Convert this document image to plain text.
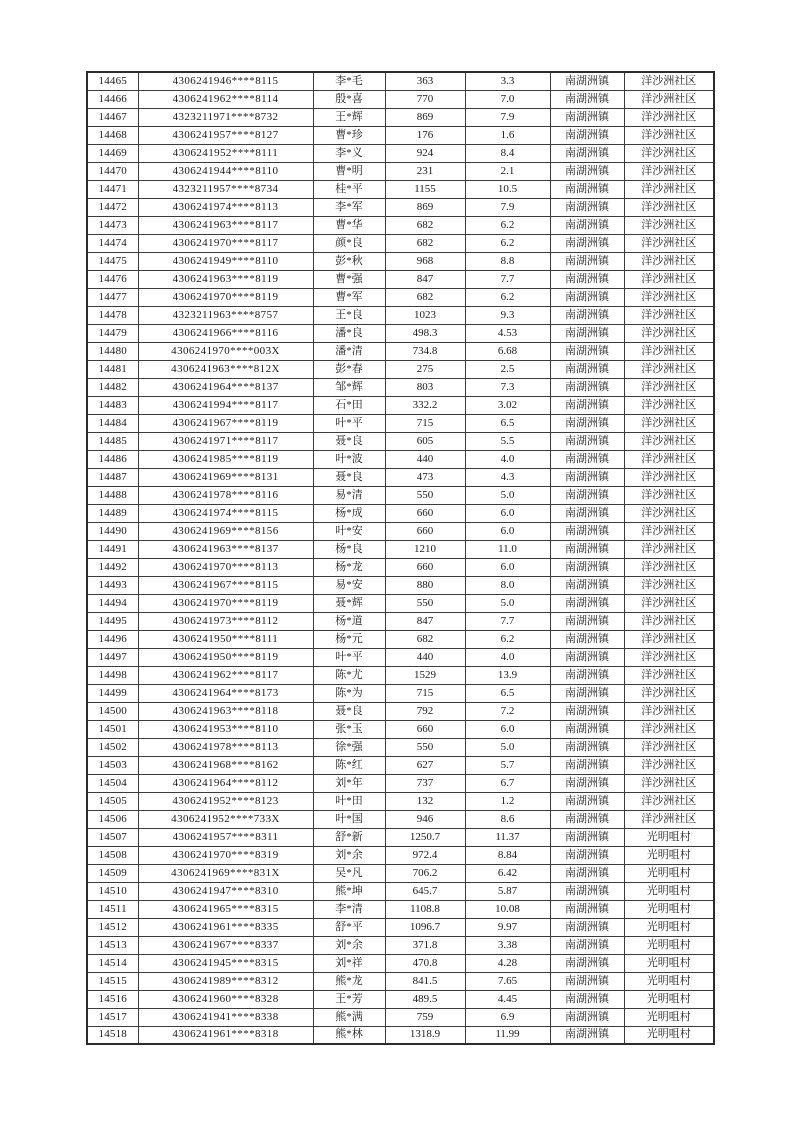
14465	4306241946****8115	李*毛	363	3.3	南湖洲镇	洋沙洲社区
14466	4306241962****8114	殷*喜	770	7.0	南湖洲镇	洋沙洲社区
14467	4323211971****8732	王*辉	869	7.9	南湖洲镇	洋沙洲社区
14468	4306241957****8127	曹*珍	176	1.6	南湖洲镇	洋沙洲社区
14469	4306241952****8111	李*义	924	8.4	南湖洲镇	洋沙洲社区
14470	4306241944****8110	曹*明	231	2.1	南湖洲镇	洋沙洲社区
14471	4323211957****8734	桂*平	1155	10.5	南湖洲镇	洋沙洲社区
14472	4306241974****8113	李*军	869	7.9	南湖洲镇	洋沙洲社区
14473	4306241963****8117	曹*华	682	6.2	南湖洲镇	洋沙洲社区
14474	4306241970****8117	颜*良	682	6.2	南湖洲镇	洋沙洲社区
14475	4306241949****8110	彭*秋	968	8.8	南湖洲镇	洋沙洲社区
14476	4306241963****8119	曹*强	847	7.7	南湖洲镇	洋沙洲社区
14477	4306241970****8119	曹*军	682	6.2	南湖洲镇	洋沙洲社区
14478	4323211963****8757	王*良	1023	9.3	南湖洲镇	洋沙洲社区
14479	4306241966****8116	潘*良	498.3	4.53	南湖洲镇	洋沙洲社区
14480	4306241970****003X	潘*清	734.8	6.68	南湖洲镇	洋沙洲社区
14481	4306241963****812X	彭*春	275	2.5	南湖洲镇	洋沙洲社区
14482	4306241964****8137	邹*辉	803	7.3	南湖洲镇	洋沙洲社区
14483	4306241994****8117	石*田	332.2	3.02	南湖洲镇	洋沙洲社区
14484	4306241967****8119	叶*平	715	6.5	南湖洲镇	洋沙洲社区
14485	4306241971****8117	聂*良	605	5.5	南湖洲镇	洋沙洲社区
14486	4306241985****8119	叶*波	440	4.0	南湖洲镇	洋沙洲社区
14487	4306241969****8131	聂*良	473	4.3	南湖洲镇	洋沙洲社区
14488	4306241978****8116	易*清	550	5.0	南湖洲镇	洋沙洲社区
14489	4306241974****8115	杨*成	660	6.0	南湖洲镇	洋沙洲社区
14490	4306241969****8156	叶*安	660	6.0	南湖洲镇	洋沙洲社区
14491	4306241963****8137	杨*良	1210	11.0	南湖洲镇	洋沙洲社区
14492	4306241970****8113	杨*龙	660	6.0	南湖洲镇	洋沙洲社区
14493	4306241967****8115	易*安	880	8.0	南湖洲镇	洋沙洲社区
14494	4306241970****8119	聂*辉	550	5.0	南湖洲镇	洋沙洲社区
14495	4306241973****8112	杨*道	847	7.7	南湖洲镇	洋沙洲社区
14496	4306241950****8111	杨*元	682	6.2	南湖洲镇	洋沙洲社区
14497	4306241950****8119	叶*平	440	4.0	南湖洲镇	洋沙洲社区
14498	4306241962****8117	陈*尤	1529	13.9	南湖洲镇	洋沙洲社区
14499	4306241964****8173	陈*为	715	6.5	南湖洲镇	洋沙洲社区
14500	4306241963****8118	聂*良	792	7.2	南湖洲镇	洋沙洲社区
14501	4306241953****8110	张*玉	660	6.0	南湖洲镇	洋沙洲社区
14502	4306241978****8113	徐*强	550	5.0	南湖洲镇	洋沙洲社区
14503	4306241968****8162	陈*红	627	5.7	南湖洲镇	洋沙洲社区
14504	4306241964****8112	刘*年	737	6.7	南湖洲镇	洋沙洲社区
14505	4306241952****8123	叶*田	132	1.2	南湖洲镇	洋沙洲社区
14506	4306241952****733X	叶*国	946	8.6	南湖洲镇	洋沙洲社区
14507	4306241957****8311	舒*新	1250.7	11.37	南湖洲镇	光明咀村
14508	4306241970****8319	刘*余	972.4	8.84	南湖洲镇	光明咀村
14509	4306241969****831X	吴*凡	706.2	6.42	南湖洲镇	光明咀村
14510	4306241947****8310	熊*坤	645.7	5.87	南湖洲镇	光明咀村
14511	4306241965****8315	李*清	1108.8	10.08	南湖洲镇	光明咀村
14512	4306241961****8335	舒*平	1096.7	9.97	南湖洲镇	光明咀村
14513	4306241967****8337	刘*余	371.8	3.38	南湖洲镇	光明咀村
14514	4306241945****8315	刘*祥	470.8	4.28	南湖洲镇	光明咀村
14515	4306241989****8312	熊*龙	841.5	7.65	南湖洲镇	光明咀村
14516	4306241960****8328	王*芳	489.5	4.45	南湖洲镇	光明咀村
14517	4306241941****8338	熊*满	759	6.9	南湖洲镇	光明咀村
14518	4306241961****8318	熊*林	1318.9	11.99	南湖洲镇	光明咀村
